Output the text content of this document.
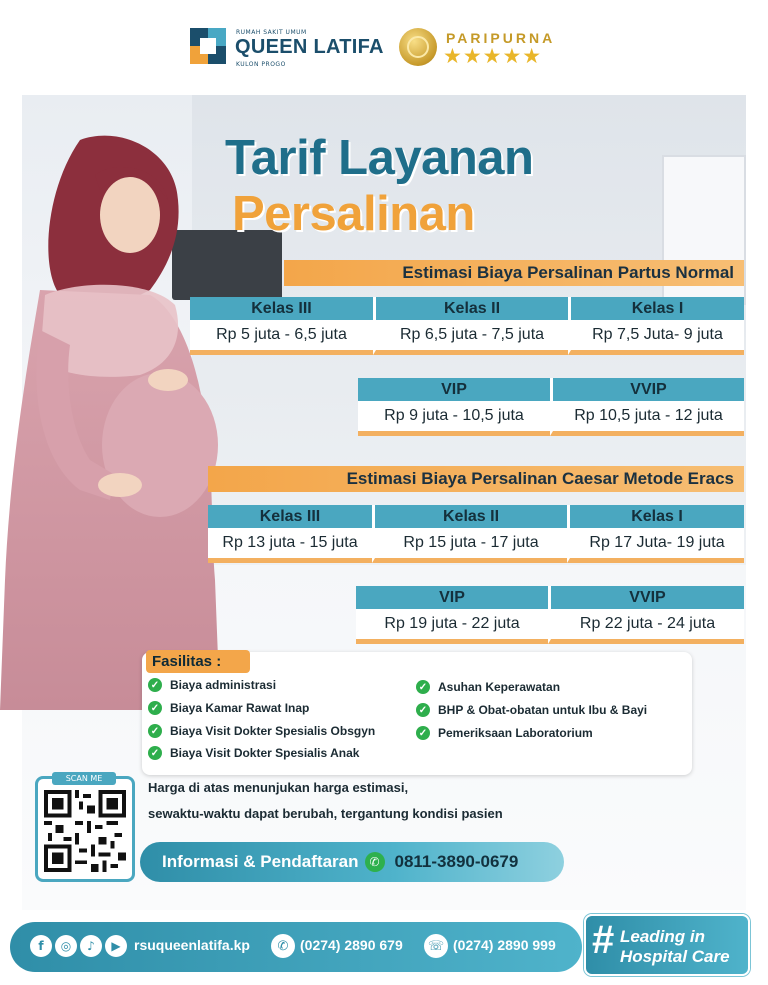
RUMAH SAKIT UMUM
QUEEN LATIFA
KULON PROGO
PARIPURNA
★★★★★
Tarif Layanan
Persalinan
Estimasi Biaya Persalinan Partus Normal
Kelas III
Rp 5 juta - 6,5 juta
Kelas II
Rp 6,5 juta - 7,5 juta
Kelas I
Rp 7,5 Juta- 9 juta
VIP
Rp 9 juta - 10,5 juta
VVIP
Rp 10,5 juta - 12 juta
Estimasi Biaya Persalinan Caesar Metode Eracs
Kelas III
Rp 13 juta - 15 juta
Kelas II
Rp 15 juta - 17 juta
Kelas I
Rp 17 Juta- 19 juta
VIP
Rp 19 juta - 22 juta
VVIP
Rp 22 juta - 24 juta
Fasilitas :
✓ Biaya administrasi
✓ Biaya Kamar Rawat Inap
✓ Biaya Visit Dokter Spesialis Obsgyn
✓ Biaya Visit Dokter Spesialis Anak
✓ Asuhan Keperawatan
✓ BHP & Obat-obatan untuk Ibu & Bayi
✓ Pemeriksaan Laboratorium
SCAN ME
Harga di atas menunjukan harga estimasi,
sewaktu-waktu dapat berubah, tergantung kondisi pasien
Informasi & Pendaftaran ✆ 0811-3890-0679
f	◎	♪	▶ rsuqueenlatifa.kp	✆ (0274) 2890 679 ☏ (0274) 2890 999 # Leading in
Hospital Care
